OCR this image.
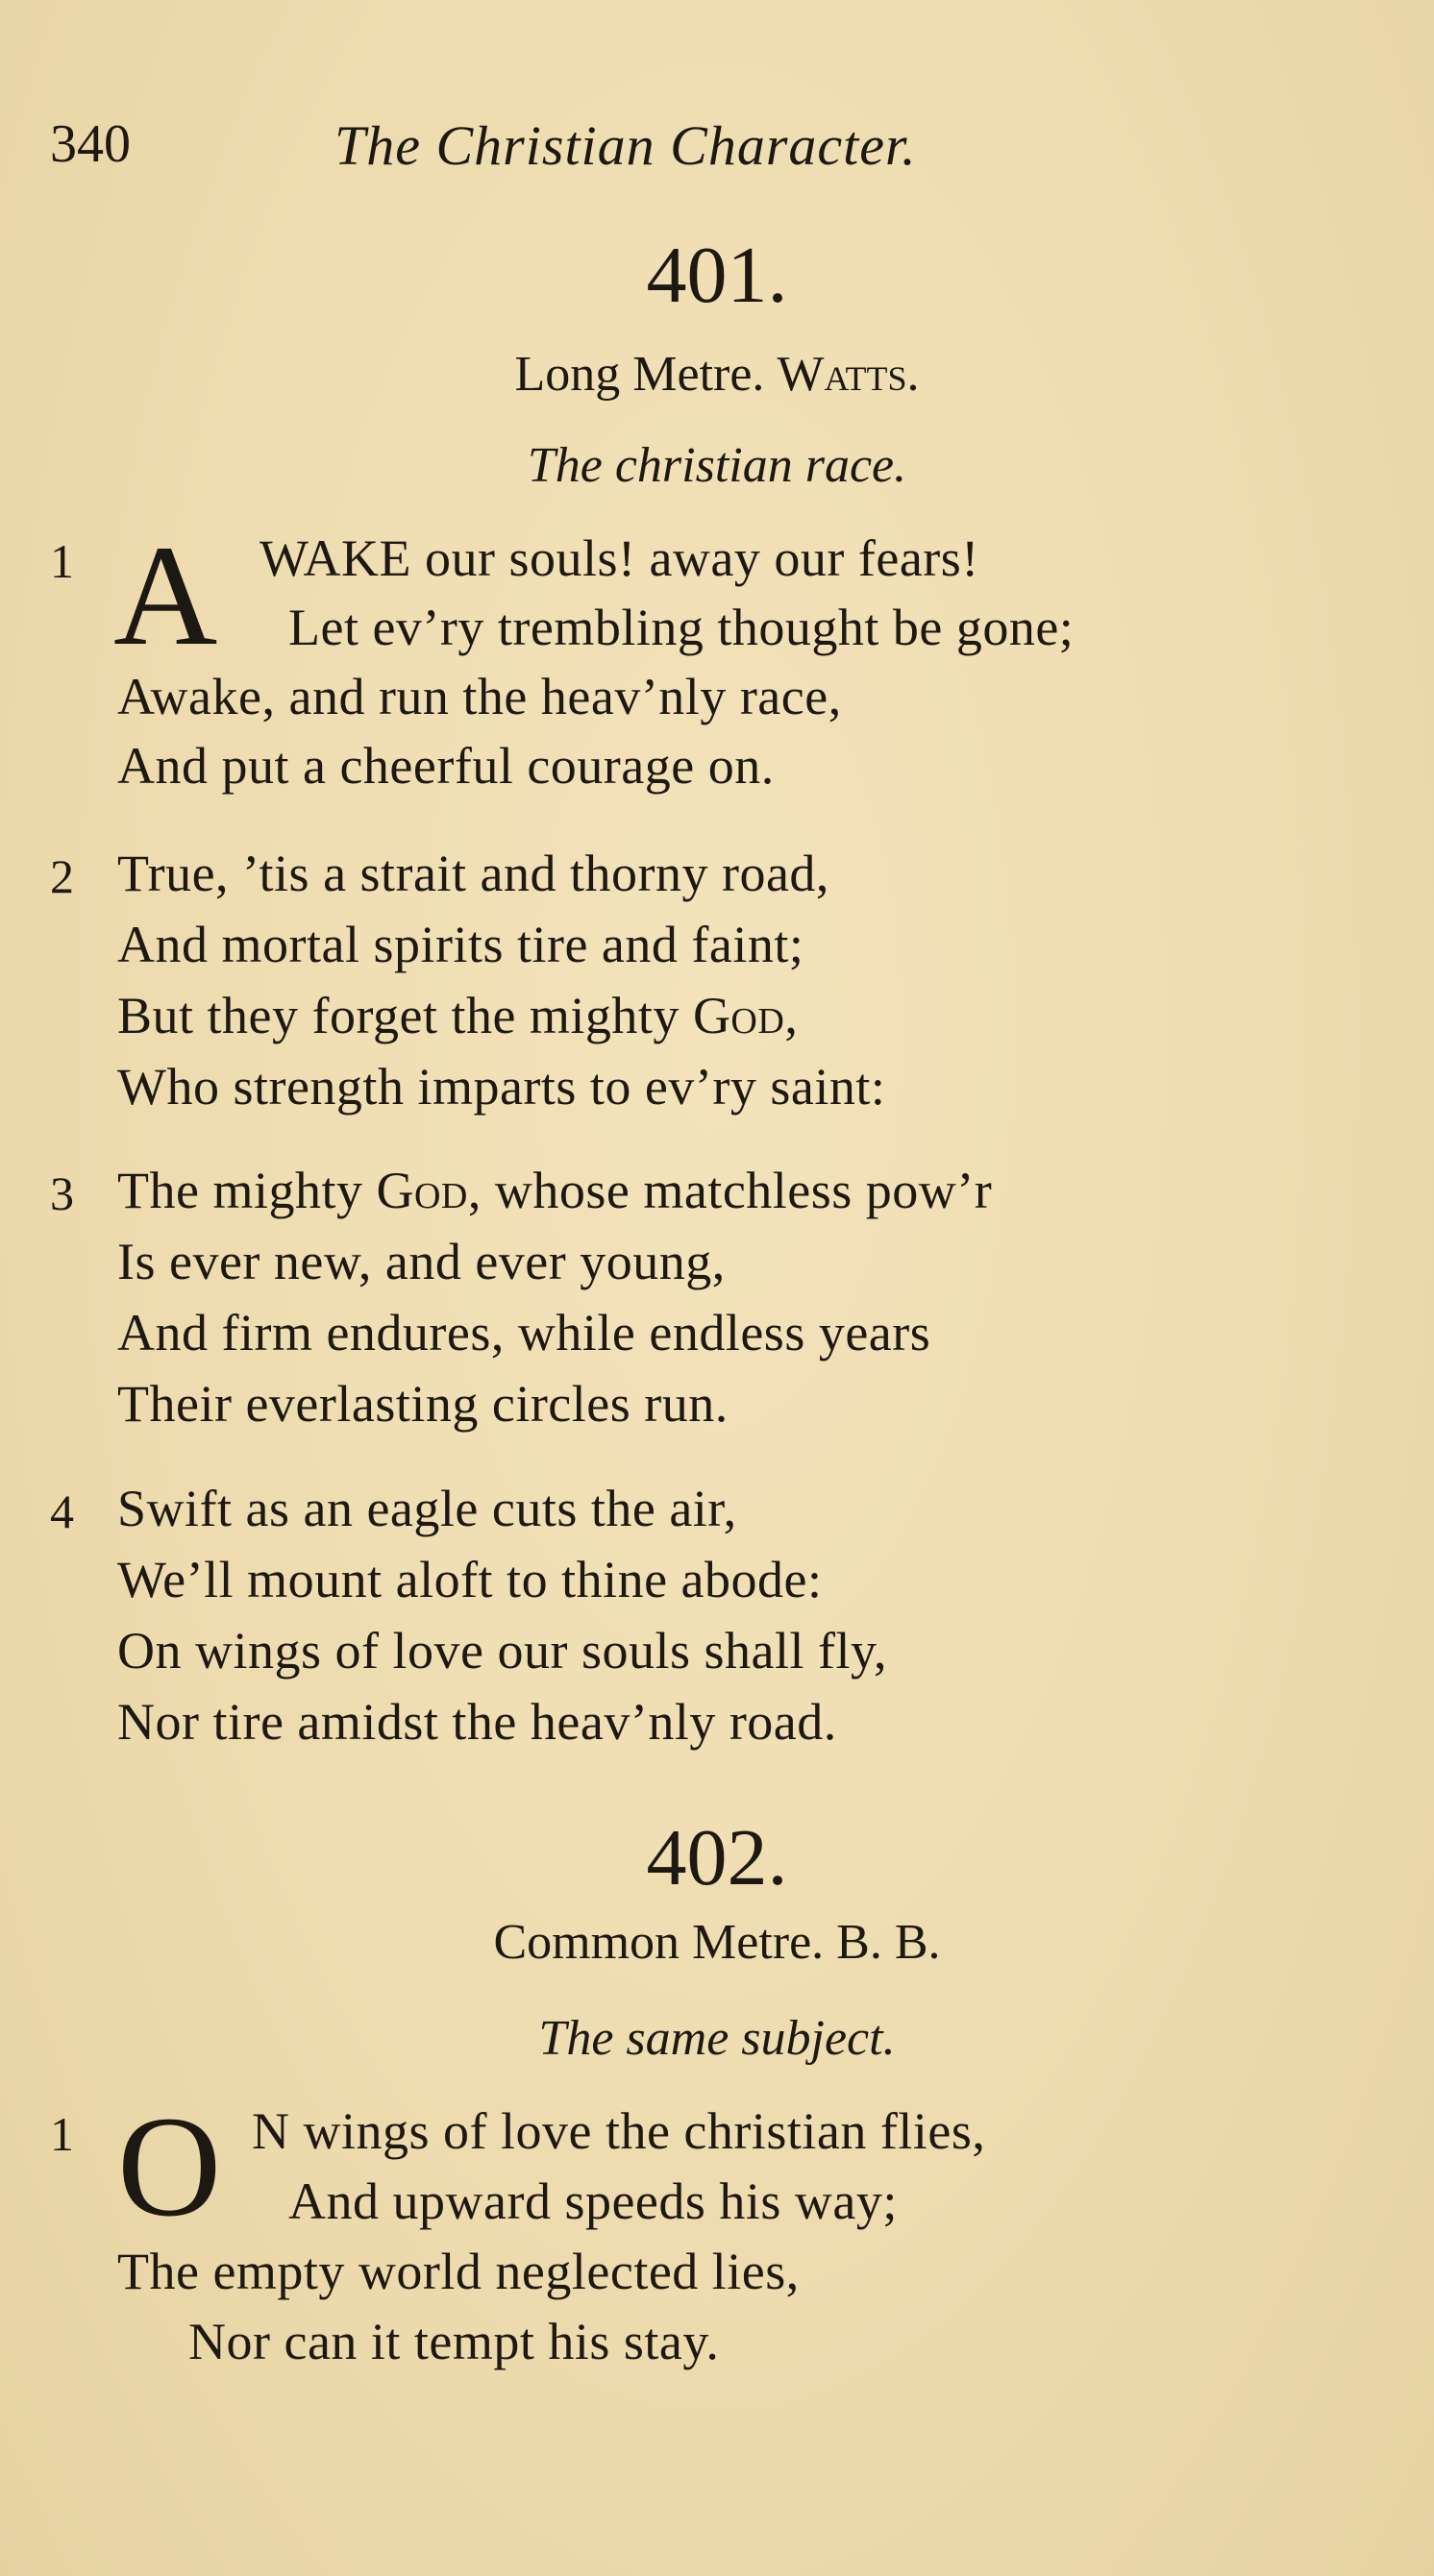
340	The Christian Character.
401.
Long Metre. Watts.
The christian race.
1 A WAKE our souls! away our fears!
Let ev’ry trembling thought be gone;
Awake, and run the heav’nly race,
And put a cheerful courage on.
2 True, ’tis a strait and thorny road,
And mortal spirits tire and faint;
But they forget the mighty God,
Who strength imparts to ev’ry saint:
3 The mighty God, whose matchless pow’r
Is ever new, and ever young,
And firm endures, while endless years
Their everlasting circles run.
4 Swift as an eagle cuts the air,
We’ll mount aloft to thine abode:
On wings of love our souls shall fly,
Nor tire amidst the heav’nly road.
402.
Common Metre. B. B.
The same subject.
1 O N wings of love the christian flies,
And upward speeds his way;
The empty world neglected lies,
Nor can it tempt his stay.
